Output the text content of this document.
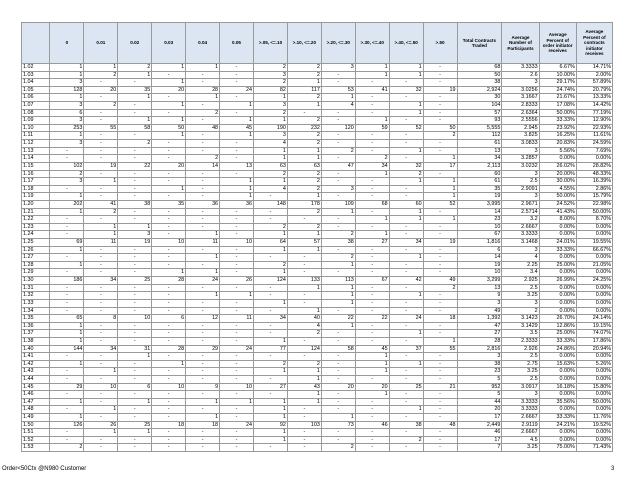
	0	0.01	0.02	0.03	0.04	0.05	>.05, <=.10	>.10, <=.20	>.20, <=.30	>.30, <=.40	>.40, <=.50	>.50	Total Contracts Traded	Average Number of Participants	Average Percent of order initiator receives	Average Percent of contracts initiator receives
1.02	1	1	2	1	1	-	2	2	3	1	1	-	68	3.3333	6.67%	14.71%
1.03	1	2	1	-	-	-	3	2	-	1	1	-	50	2.6	10.00%	2.00%
1.04	3	-	-	1	-	-	2	1	-	-	-	-	38	3	29.17%	57.89%
1.05	128	20	35	20	28	24	82	117	53	41	32	19	2,924	3.0256	24.74%	20.79%
1.06	1	-	1	-	1	-	1	2	1	-	-	-	30	3.1667	21.67%	13.33%
1.07	3	2	-	1	-	1	3	1	4	-	1	-	104	2.8333	17.08%	14.42%
1.08	6	-	-	-	2	-	2	-	-	-	1	-	57	2.6364	50.00%	77.19%
1.09	3	-	1	1	-	1	1	2	-	1	-	-	93	2.5556	33.33%	12.90%
1.10	253	55	58	50	48	45	190	232	120	59	52	50	5,555	2.945	23.92%	22.93%
1.11	1	-	-	1	-	1	3	2	-	-	-	2	112	3.825	16.25%	11.61%
1.12	3	-	2	-	-	-	4	2	-	-	-	-	61	3.0833	20.83%	24.59%
1.13	-	-	-	-	-	-	1	1	2	-	1	-	13	3	5.56%	7.69%
1.14	-	-	-	-	2	-	1	1	-	2	-	1	34	3.2857	0.00%	0.00%
1.15	102	19	22	20	14	13	63	63	47	34	32	17	2,113	3.0232	26.02%	28.82%
1.16	2	-	-	-	-	-	2	2	-	1	2	-	60	3	20.00%	48.33%
1.17	3	1	-	-	-	1	1	2	-	-	1	1	61	2.5	30.00%	16.39%
1.18	-	-	-	1	-	1	4	2	3	-	-	1	35	2.9091	4.55%	2.86%
1.19	1	-	-	-	-	1	-	1	-	-	-	1	19	3	50.00%	15.79%
1.20	202	41	38	35	36	36	148	178	109	68	60	52	3,995	2.9671	24.52%	22.98%
1.21	1	2	-	-	-	-	-	2	1	-	1	-	14	2.5714	41.43%	50.00%
1.22	-	-	-	-	-	-	-	-	-	1	1	1	23	3.2	8.00%	8.70%
1.23	-	1	1	-	-	-	2	2	-	-	-	-	10	2.6667	0.00%	0.00%
1.24	-	1	3	-	1	-	1	1	2	1	-	-	67	3.3333	0.00%	0.00%
1.25	69	11	19	10	11	10	64	57	38	27	34	19	1,816	3.1468	24.01%	19.55%
1.26	1	-	-	-	-	-	1	1	-	-	-	-	6	3	33.33%	66.67%
1.27	-	-	-	-	1	-	-	-	2	-	1	-	14	4	0.00%	0.00%
1.28	1	-	-	-	-	-	2	-	1	-	-	-	19	2.25	25.00%	21.05%
1.29	-	-	-	1	1	-	1	-	-	-	-	-	10	3.4	0.00%	0.00%
1.30	186	34	25	28	24	26	124	133	113	67	42	49	3,299	2.925	26.99%	24.25%
1.31	-	-	-	-	-	-	-	1	1	-	-	2	13	2.5	0.00%	0.00%
1.32	-	-	-	-	1	1	-	-	1	-	1	-	9	3.25	0.00%	0.00%
1.33	-	-	-	-	-	-	1	-	1	-	-	-	3	3	0.00%	0.00%
1.34	-	-	-	-	-	-	-	1	-	-	-	-	49	2	0.00%	0.00%
1.35	65	8	10	6	12	11	34	40	22	22	24	18	1,392	3.1423	26.70%	24.14%
1.36	1	-	-	-	-	-	-	4	1	-	-	-	47	3.1429	12.86%	19.15%
1.37	1	-	-	-	-	-	-	2	-	-	1	-	27	3.5	25.00%	74.07%
1.38	1	-	-	-	-	-	1	-	-	-	-	1	28	2.3333	33.33%	17.86%
1.40	144	34	31	28	29	24	77	124	58	45	37	55	2,816	2.926	24.86%	20.94%
1.41	-	-	1	-	-	-	-	-	-	1	-	-	3	2.5	0.00%	0.00%
1.42	1	-	-	1	-	-	2	2	-	1	1	-	38	2.75	15.63%	5.26%
1.43	-	1	-	-	-	-	1	1	-	1	-	-	23	3.25	0.00%	0.00%
1.44	-	-	-	-	-	-	-	1	-	-	-	-	5	2.5	0.00%	0.00%
1.45	29	10	6	10	9	10	27	43	20	20	25	21	952	3.0917	16.18%	15.80%
1.46	-	-	-	-	-	-	-	1	-	1	-	-	5	3	0.00%	0.00%
1.47	1	-	1	-	1	1	1	1	-	-	-	-	44	3.3333	35.56%	50.00%
1.48	-	1	-	-	-	-	1	-	-	-	1	-	20	3.3333	0.00%	0.00%
1.49	1	-	-	-	1	-	1	-	1	-	-	-	17	2.6667	33.33%	11.76%
1.50	126	26	25	18	18	24	92	103	73	46	38	48	2,449	2.9119	24.21%	19.52%
1.51	-	1	1	-	-	-	1	-	-	-	-	-	46	2.6667	0.00%	0.00%
1.52	-	-	-	-	-	-	1	-	-	-	2	-	17	4.5	0.00%	0.00%
1.53	2	-	-	-	-	-	-	-	2	-	-	-	7	3.25	75.00%	71.43%
Order<50Ctx @N980 Customer	3
